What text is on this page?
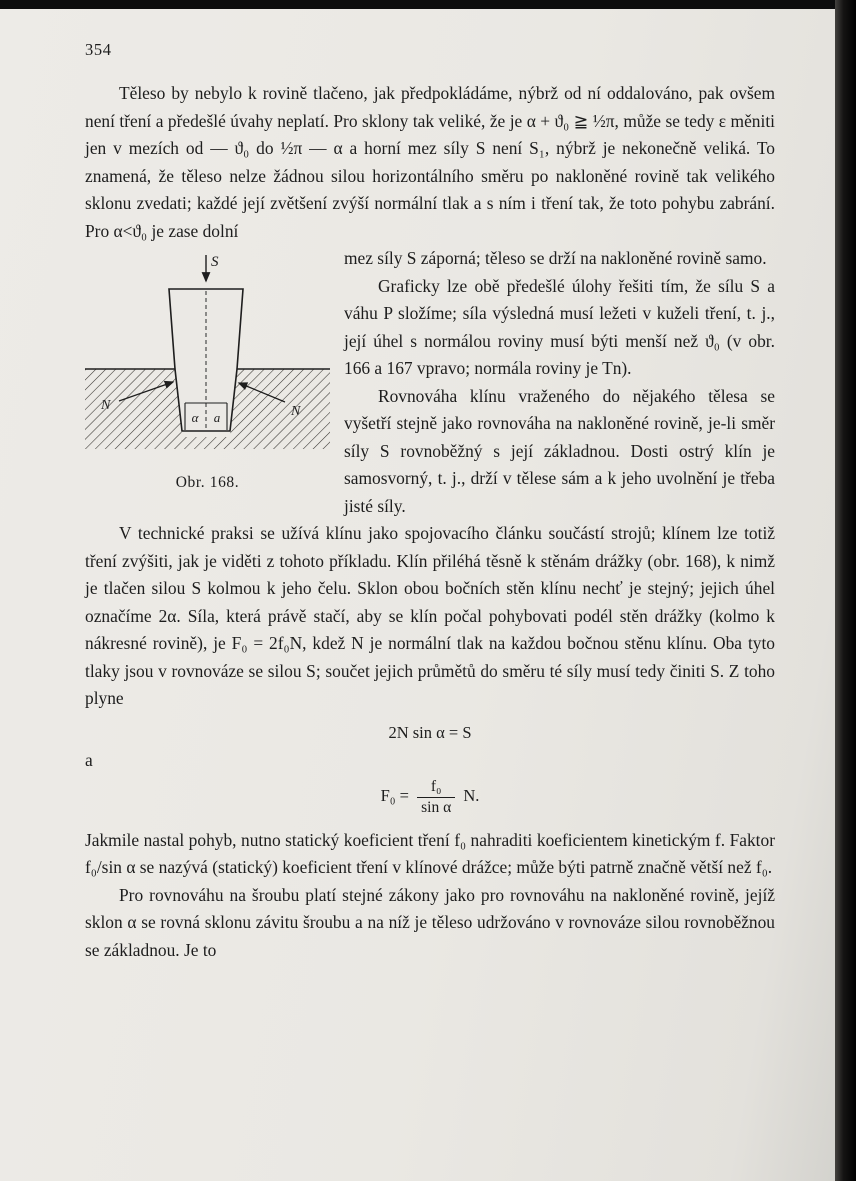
354

Těleso by nebylo k rovině tlačeno, jak předpokládáme, nýbrž od ní oddalováno, pak ovšem není tření a předešlé úvahy neplatí. Pro sklony tak veliké, že je α + ϑ₀ ≧ ½π, může se tedy ε měniti jen v mezích od — ϑ₀ do ½π — α a horní mez síly S není S₁, nýbrž je nekonečně veliká. To znamená, že těleso nelze žádnou silou horizontálního směru po nakloněné rovině tak velikého sklonu zvedati; každé její zvětšení zvýší normální tlak a s ním i tření tak, že toto pohybu zabrání. Pro α<ϑ₀ je zase dolní

S
α a
N	N
Obr. 168.

mez síly S záporná; těleso se drží na nakloněné rovině samo.

Graficky lze obě předešlé úlohy řešiti tím, že sílu S a váhu P složíme; síla výsledná musí ležeti v kuželi tření, t. j., její úhel s normálou roviny musí býti menší než ϑ₀ (v obr. 166 a 167 vpravo; normála roviny je Tn).

Rovnováha klínu vraženého do nějakého tělesa se vyšetří stejně jako rovnováha na nakloněné rovině, je-li směr síly S rovnoběžný s její základnou. Dosti ostrý klín je samosvorný, t. j., drží v tělese sám a k jeho uvolnění je třeba jisté síly.

V technické praksi se užívá klínu jako spojovacího článku součástí strojů; klínem lze totiž tření zvýšiti, jak je viděti z tohoto příkladu. Klín přiléhá těsně k stěnám drážky (obr. 168), k nimž je tlačen silou S kolmou k jeho čelu. Sklon obou bočních stěn klínu nechť je stejný; jejich úhel označíme 2α. Síla, která právě stačí, aby se klín počal pohybovati podél stěn drážky (kolmo k nákresné rovině), je F₀ = 2f₀N, kdež N je normální tlak na každou bočnou stěnu klínu. Oba tyto tlaky jsou v rovnováze se silou S; součet jejich průmětů do směru té síly musí tedy činiti S. Z toho plyne

2N sin α = S

a

$F_0 = \frac{\text{f₀}}{\text{sin α}} N$.

Jakmile nastal pohyb, nutno statický koeficient tření f₀ nahraditi koeficientem kinetickým f. Faktor f₀/sin α se nazývá (statický) koeficient tření v klínové drážce; může býti patrně značně větší než f₀.

Pro rovnováhu na šroubu platí stejné zákony jako pro rovnováhu na nakloněné rovině, jejíž sklon α se rovná sklonu závitu šroubu a na níž je těleso udržováno v rovnováze silou rovnoběžnou se základnou. Je to
